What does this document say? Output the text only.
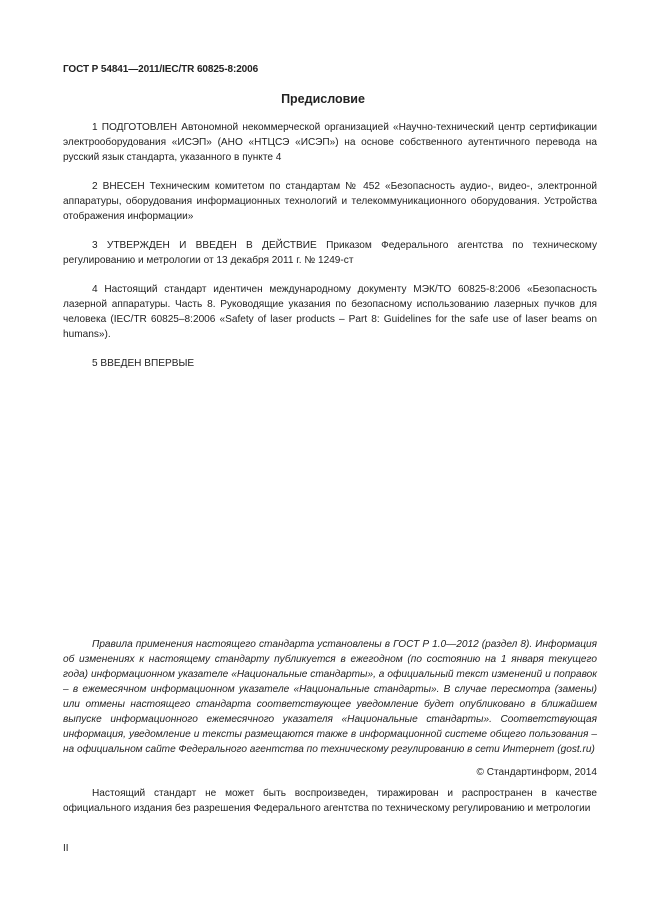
ГОСТ Р 54841—2011/IEC/TR 60825-8:2006

Предисловие

1 ПОДГОТОВЛЕН Автономной некоммерческой организацией «Научно-технический центр сертификации электрооборудования «ИСЭП» (АНО «НТЦСЭ «ИСЭП») на основе собственного аутентичного перевода на русский язык стандарта, указанного в пункте 4

2 ВНЕСЕН Техническим комитетом по стандартам № 452 «Безопасность аудио-, видео-, электронной аппаратуры, оборудования информационных технологий и телекоммуникационного оборудования. Устройства отображения информации»

3 УТВЕРЖДЕН И ВВЕДЕН В ДЕЙСТВИЕ Приказом Федерального агентства по техническому регулированию и метрологии от 13 декабря 2011 г. № 1249-ст

4 Настоящий стандарт идентичен международному документу МЭК/ТО 60825-8:2006 «Безопасность лазерной аппаратуры. Часть 8. Руководящие указания по безопасному использованию лазерных пучков для человека (IEC/TR 60825–8:2006 «Safety of laser products – Part 8: Guidelines for the safe use of laser beams on humans»).

5 ВВЕДЕН ВПЕРВЫЕ

Правила применения настоящего стандарта установлены в ГОСТ Р 1.0—2012 (раздел 8). Информация об изменениях к настоящему стандарту публикуется в ежегодном (по состоянию на 1 января текущего года) информационном указателе «Национальные стандарты», а официальный текст изменений и поправок – в ежемесячном информационном указателе «Национальные стандарты». В случае пересмотра (замены) или отмены настоящего стандарта соответствующее уведомление будет опубликовано в ближайшем выпуске информационного ежемесячного указателя «Национальные стандарты». Соответствующая информация, уведомление и тексты размещаются также в информационной системе общего пользования – на официальном сайте Федерального агентства по техническому регулированию в сети Интернет (gost.ru)

© Стандартинформ, 2014

Настоящий стандарт не может быть воспроизведен, тиражирован и распространен в качестве официального издания без разрешения Федерального агентства по техническому регулированию и метрологии

II
